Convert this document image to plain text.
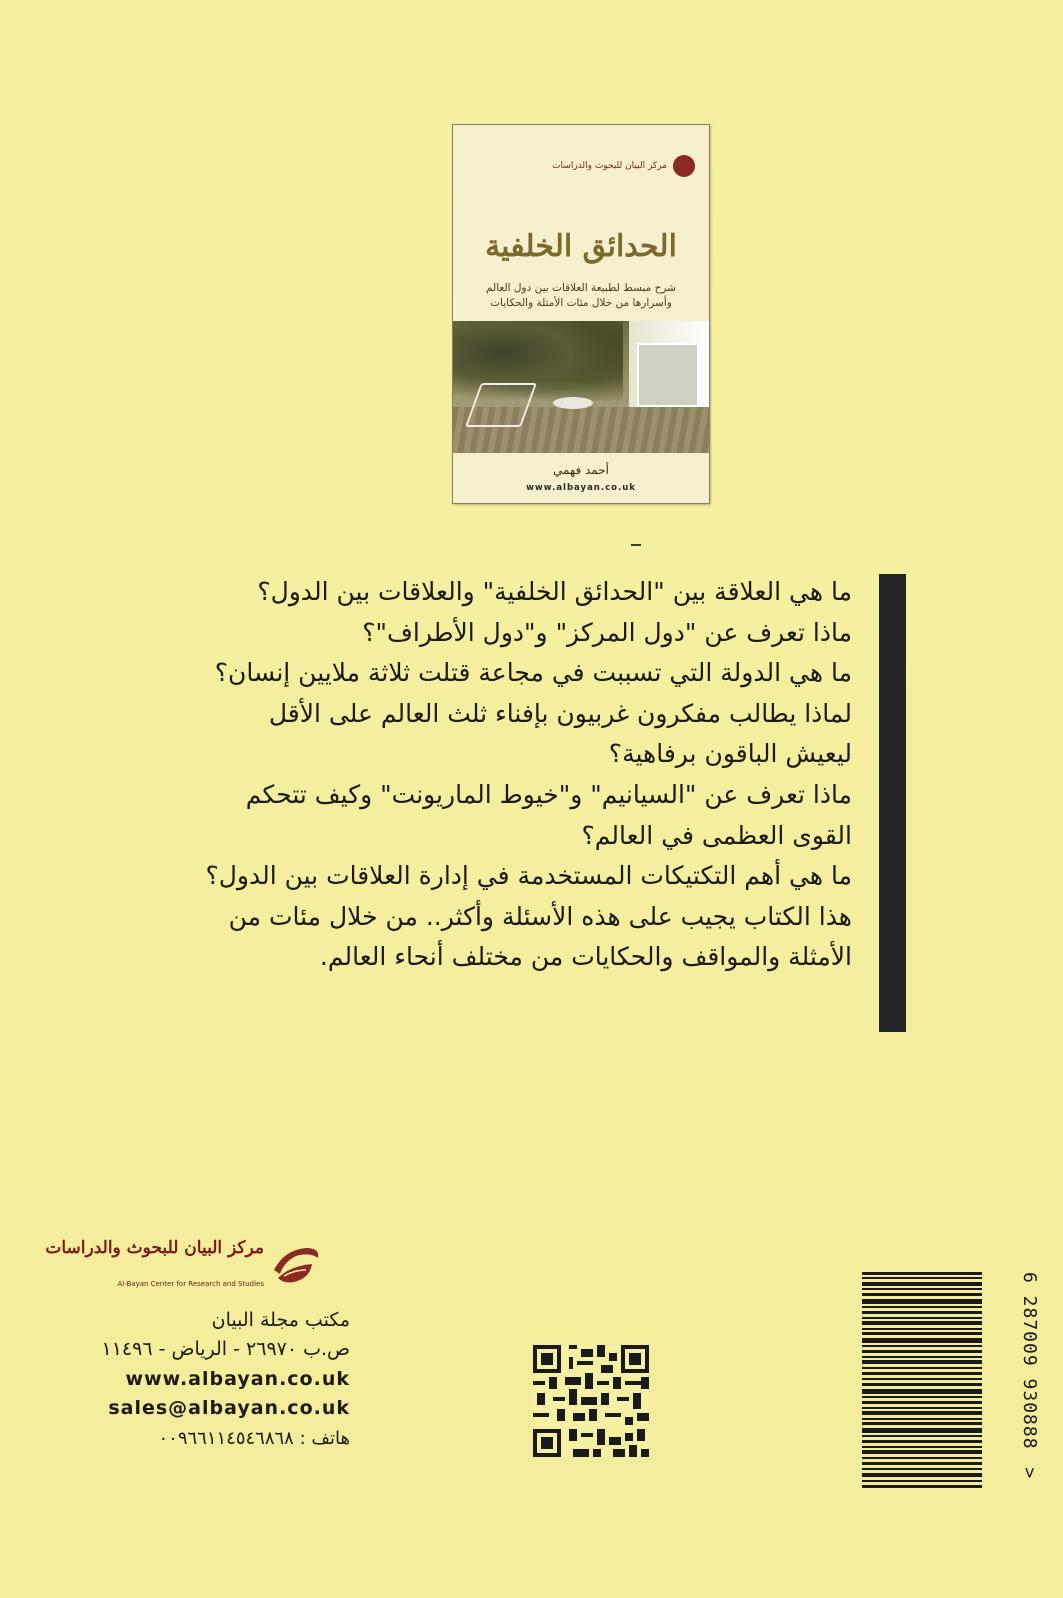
مركز البيان للبحوث والدراسات
الحدائق الخلفية
شرح مبسط لطبيعة العلاقات بين دول العالم
وأسرارها من خلال مئات الأمثلة والحكايات
أحمد فهمي
www.albayan.co.uk

ما هي العلاقة بين "الحدائق الخلفية" والعلاقات بين الدول؟

ماذا تعرف عن "دول المركز" و"دول الأطراف"؟

ما هي الدولة التي تسببت في مجاعة قتلت ثلاثة ملايين إنسان؟

لماذا يطالب مفكرون غربيون بإفناء ثلث العالم على الأقل ليعيش الباقون برفاهية؟

ماذا تعرف عن "السيانيم" و"خيوط الماريونت" وكيف تتحكم القوى العظمى في العالم؟

ما هي أهم التكتيكات المستخدمة في إدارة العلاقات بين الدول؟

هذا الكتاب يجيب على هذه الأسئلة وأكثر.. من خلال مئات من الأمثلة والمواقف والحكايات من مختلف أنحاء العالم.

مركز البيان للبحوث والدراسات
Al-Bayan Center for Research and Studies
مكتب مجلة البيان
ص.ب ٢٦٩٧٠ - الرياض - ١١٤٩٦
www.albayan.co.uk
sales@albayan.co.uk
هاتف : ٠٠٩٦٦١١٤٥٤٦٨٦٨	6 287009 930888 >
